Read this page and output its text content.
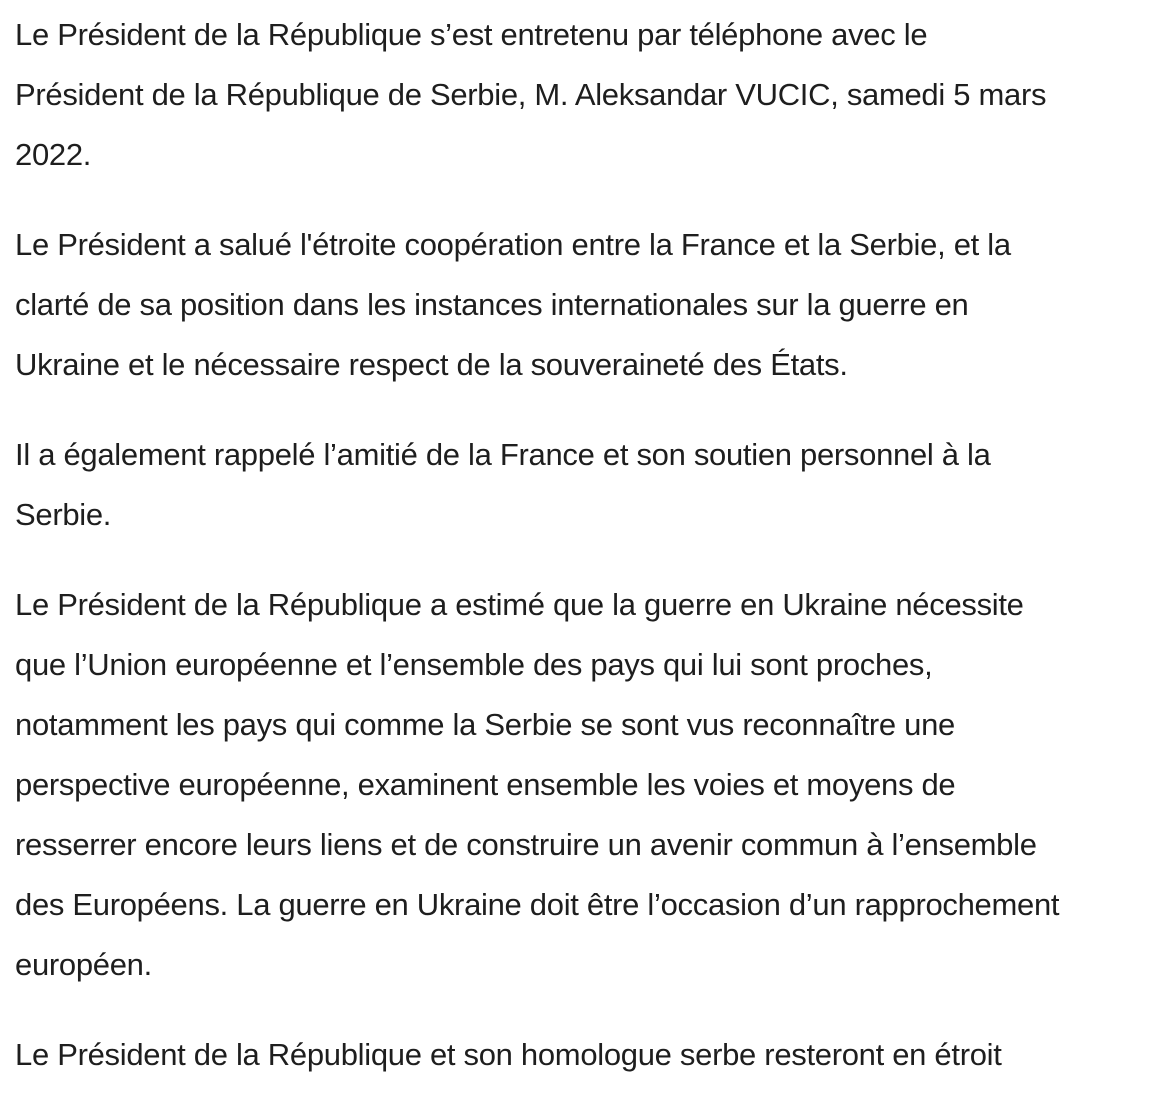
Le Président de la République s’est entretenu par téléphone avec le
Président de la République de Serbie, M. Aleksandar VUCIC, samedi 5 mars
2022.

Le Président a salué l'étroite coopération entre la France et la Serbie, et la
clarté de sa position dans les instances internationales sur la guerre en
Ukraine et le nécessaire respect de la souveraineté des États.

Il a également rappelé l’amitié de la France et son soutien personnel à la
Serbie.

Le Président de la République a estimé que la guerre en Ukraine nécessite
que l’Union européenne et l’ensemble des pays qui lui sont proches,
notamment les pays qui comme la Serbie se sont vus reconnaître une
perspective européenne, examinent ensemble les voies et moyens de
resserrer encore leurs liens et de construire un avenir commun à l’ensemble
des Européens. La guerre en Ukraine doit être l’occasion d’un rapprochement
européen.

Le Président de la République et son homologue serbe resteront en étroit
